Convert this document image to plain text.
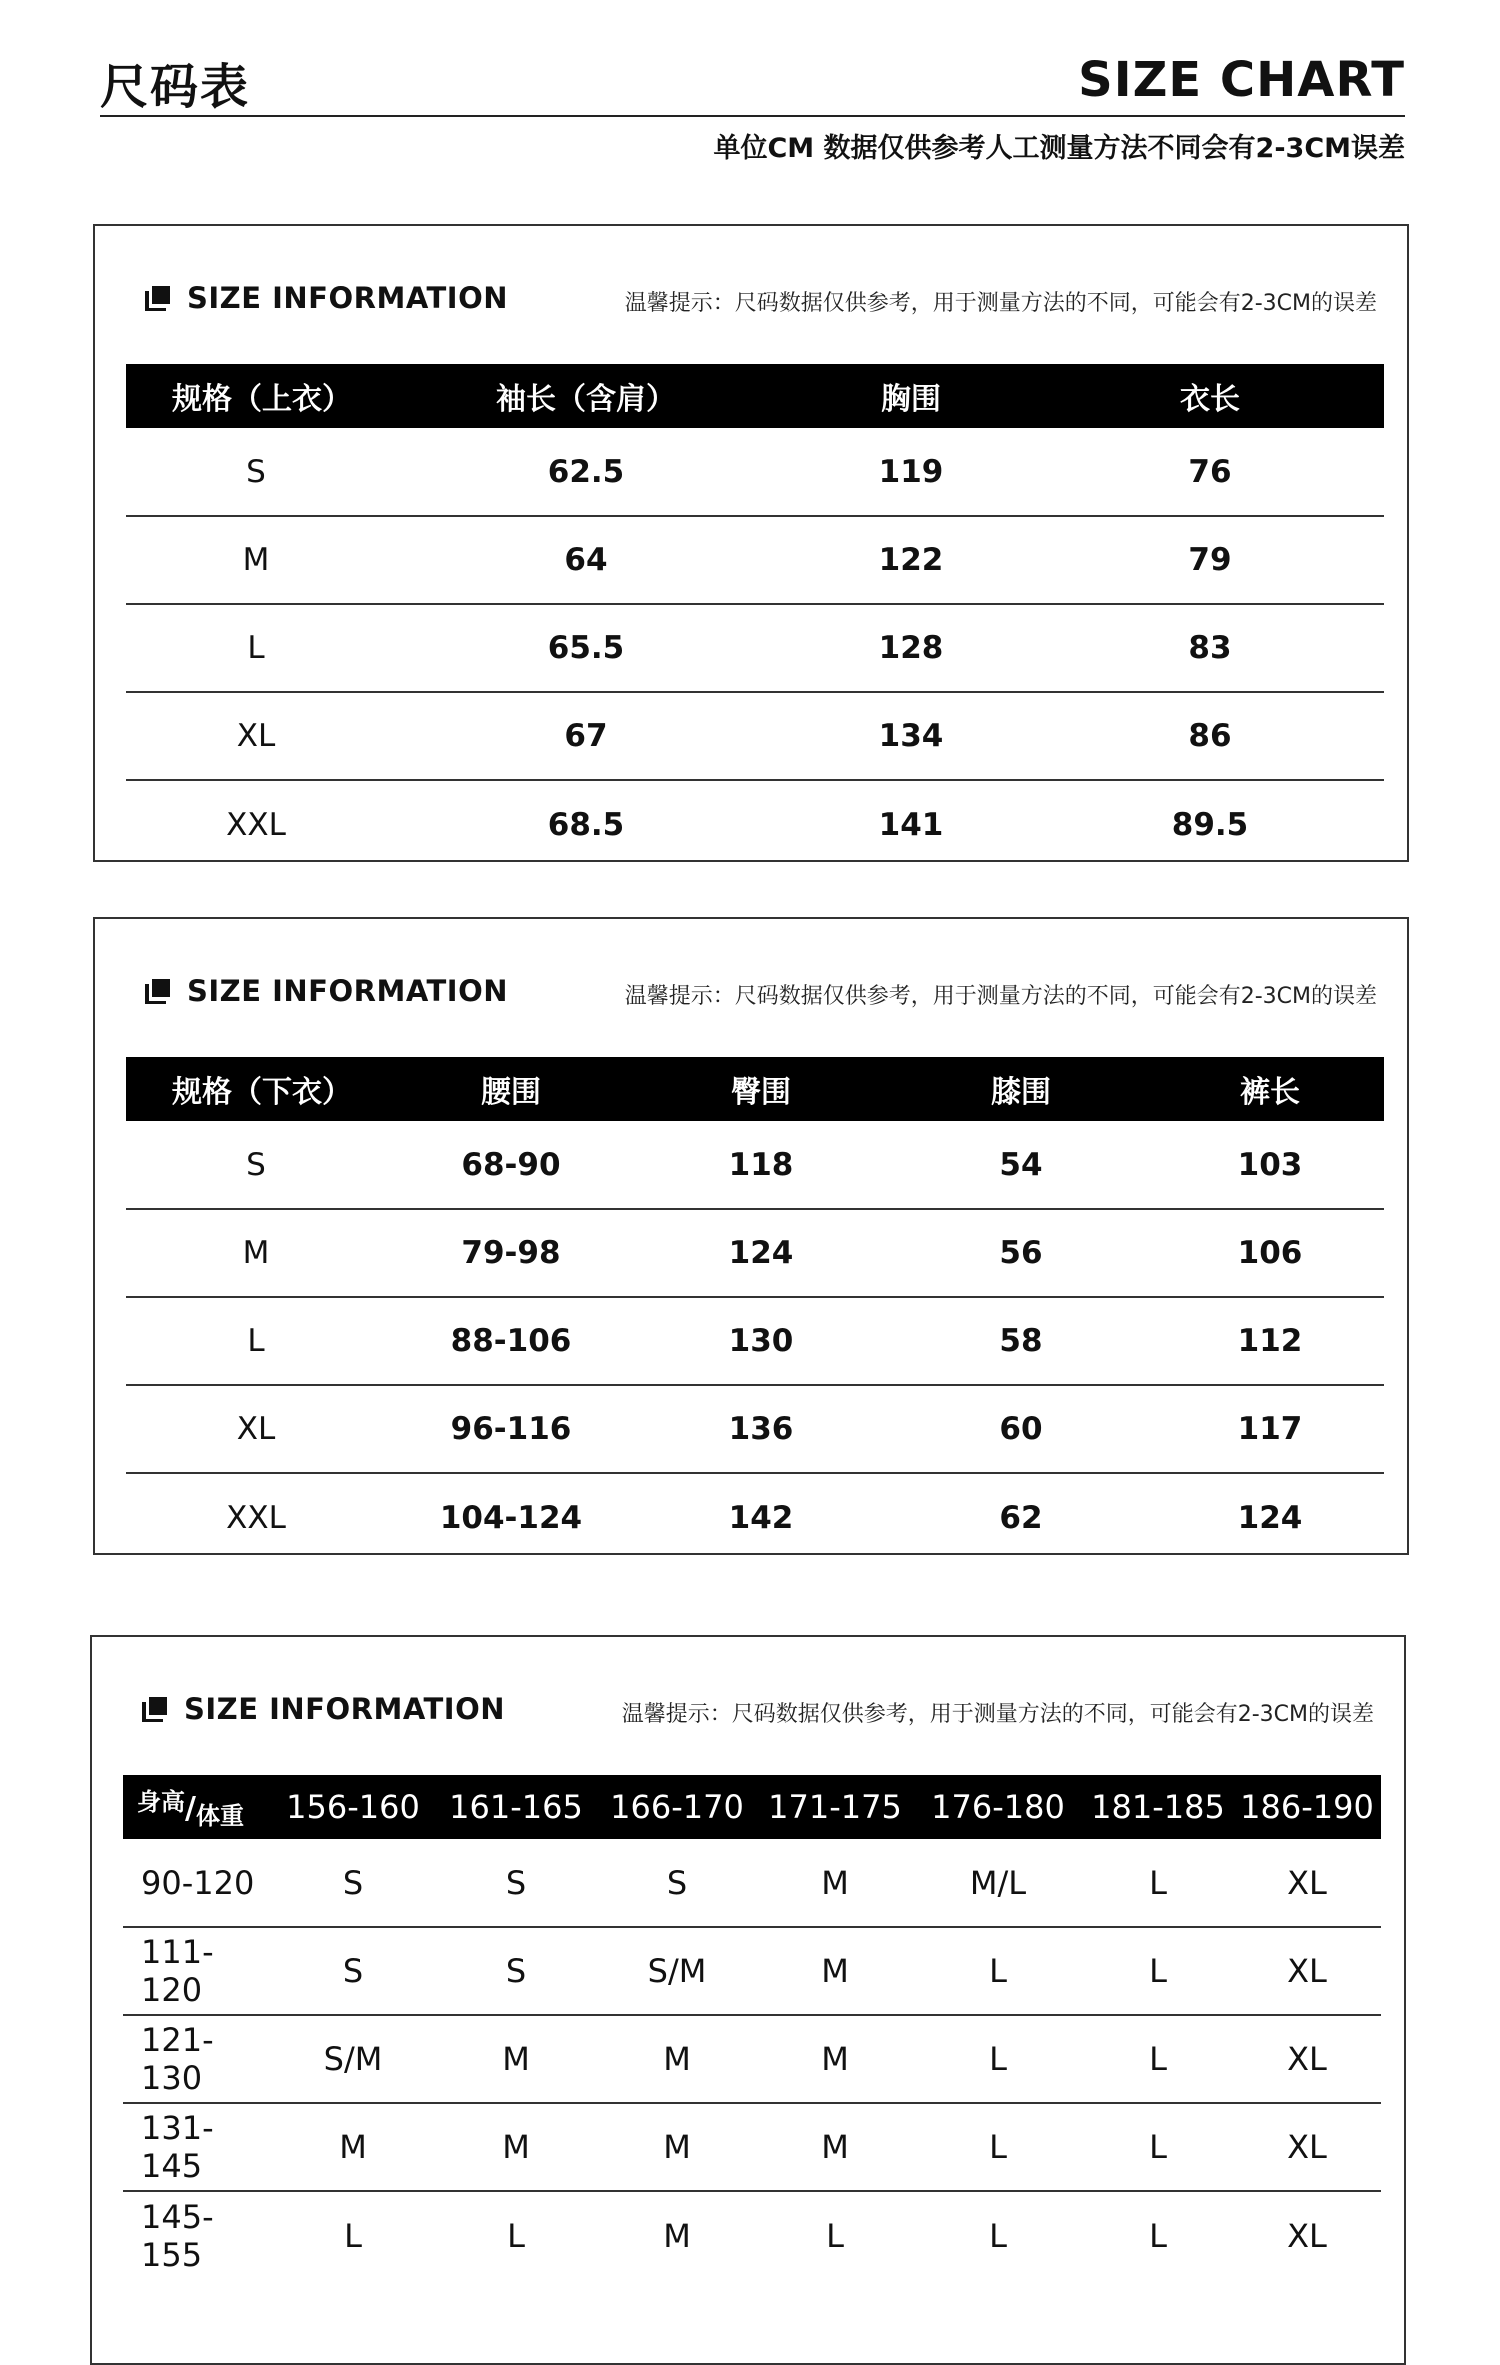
尺码表	SIZE CHART
单位CM 数据仅供参考人工测量方法不同会有2-3CM误差
SIZE INFORMATION	温馨提示：尺码数据仅供参考，用于测量方法的不同，可能会有2-3CM的误差
规格（上衣）	袖长（含肩）	胸围	衣长
S	62.5	119	76
M	64	122	79
L	65.5	128	83
XL	67	134	86
XXL	68.5	141	89.5
SIZE INFORMATION	温馨提示：尺码数据仅供参考，用于测量方法的不同，可能会有2-3CM的误差
规格（下衣）	腰围	臀围	膝围	裤长
S	68-90	118	54	103
M	79-98	124	56	106
L	88-106	130	58	112
XL	96-116	136	60	117
XXL	104-124	142	62	124
SIZE INFORMATION	温馨提示：尺码数据仅供参考，用于测量方法的不同，可能会有2-3CM的误差
$^{身高}$/体重	156-160	161-165	166-170	171-175	176-180	181-185	186-190
90-120	S	S	S	M	M/L	L	XL
111-120	S	S	S/M	M	L	L	XL
121-130	S/M	M	M	M	L	L	XL
131-145	M	M	M	M	L	L	XL
145-155	L	L	M	L	L	L	XL
